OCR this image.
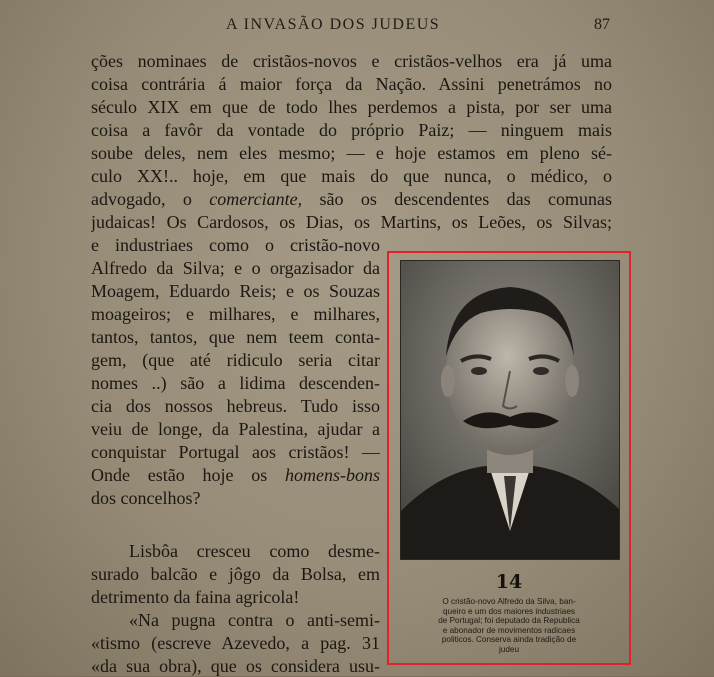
A INVASÃO DOS JUDEUS	87
ções nominaes de cristãos-novos e cristãos-velhos era já uma
coisa contrária á maior força da Nação. Assini penetrámos no
século XIX em que de todo lhes perdemos a pista, por ser uma
coisa a favôr da vontade do próprio Paiz; — ninguem mais
soube deles, nem eles mesmo; — e hoje estamos em pleno sé-
culo XX!.. hoje, em que mais do que nunca, o médico, o
advogado, o comerciante, são os descendentes das comunas
judaicas! Os Cardosos, os Dias, os Martins, os Leões, os Silvas;
e industriaes como o cristão-novo
Alfredo da Silva; e o orgazisador da
Moagem, Eduardo Reis; e os Souzas
moageiros; e milhares, e milhares,
tantos, tantos, que nem teem conta-
gem, (que até ridiculo seria citar
nomes ..) são a lidima descenden-
cia dos nossos hebreus. Tudo isso
veiu de longe, da Palestina, ajudar a
conquistar Portugal aos cristãos! —
Onde estão hoje os homens-bons
dos concelhos?
Lisbôa cresceu como desme-
surado balcão e jôgo da Bolsa, em
detrimento da faina agricola!
«Na pugna contra o anti-semi-
«tismo (escreve Azevedo, a pag. 31
«da sua obra), que os considera usu-
14
O cristão-novo Alfredo da Silva, ban-
queiro e um dos maiores industriaes
de Portugal; foi deputado da Republica
e abonador de movimentos radicaes
politicos. Conserva ainda tradição de
judeu
